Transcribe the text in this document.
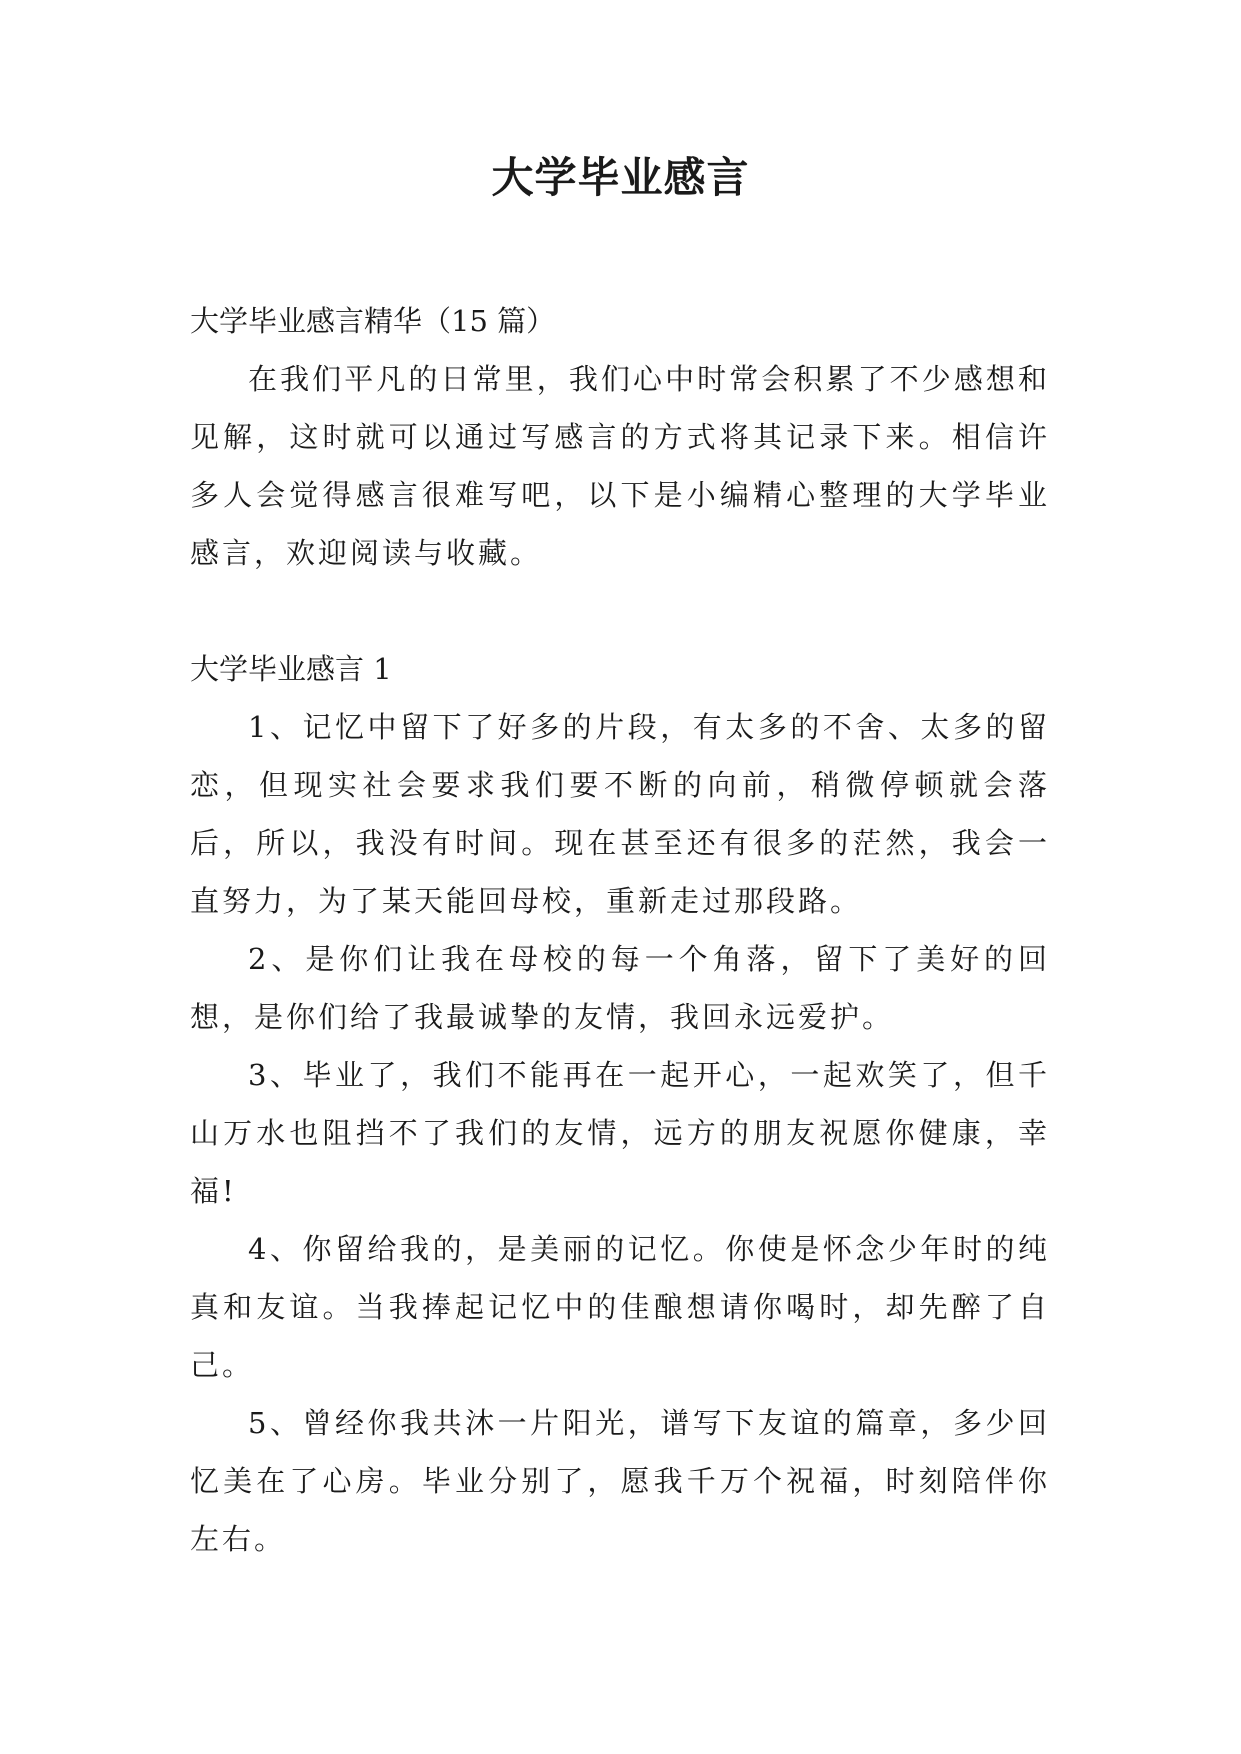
大学毕业感言

大学毕业感言精华（15 篇）

在我们平凡的日常里，我们心中时常会积累了不少感想和见解，这时就可以通过写感言的方式将其记录下来。相信许多人会觉得感言很难写吧，以下是小编精心整理的大学毕业感言，欢迎阅读与收藏。

大学毕业感言 1

1、记忆中留下了好多的片段，有太多的不舍、太多的留恋，但现实社会要求我们要不断的向前，稍微停顿就会落后，所以，我没有时间。现在甚至还有很多的茫然，我会一直努力，为了某天能回母校，重新走过那段路。

2、是你们让我在母校的每一个角落，留下了美好的回想，是你们给了我最诚挚的友情，我回永远爱护。

3、毕业了，我们不能再在一起开心，一起欢笑了，但千山万水也阻挡不了我们的友情，远方的朋友祝愿你健康，幸福!

4、你留给我的，是美丽的记忆。你使是怀念少年时的纯真和友谊。当我捧起记忆中的佳酿想请你喝时，却先醉了自己。

5、曾经你我共沐一片阳光，谱写下友谊的篇章，多少回忆美在了心房。毕业分别了，愿我千万个祝福，时刻陪伴你左右。
